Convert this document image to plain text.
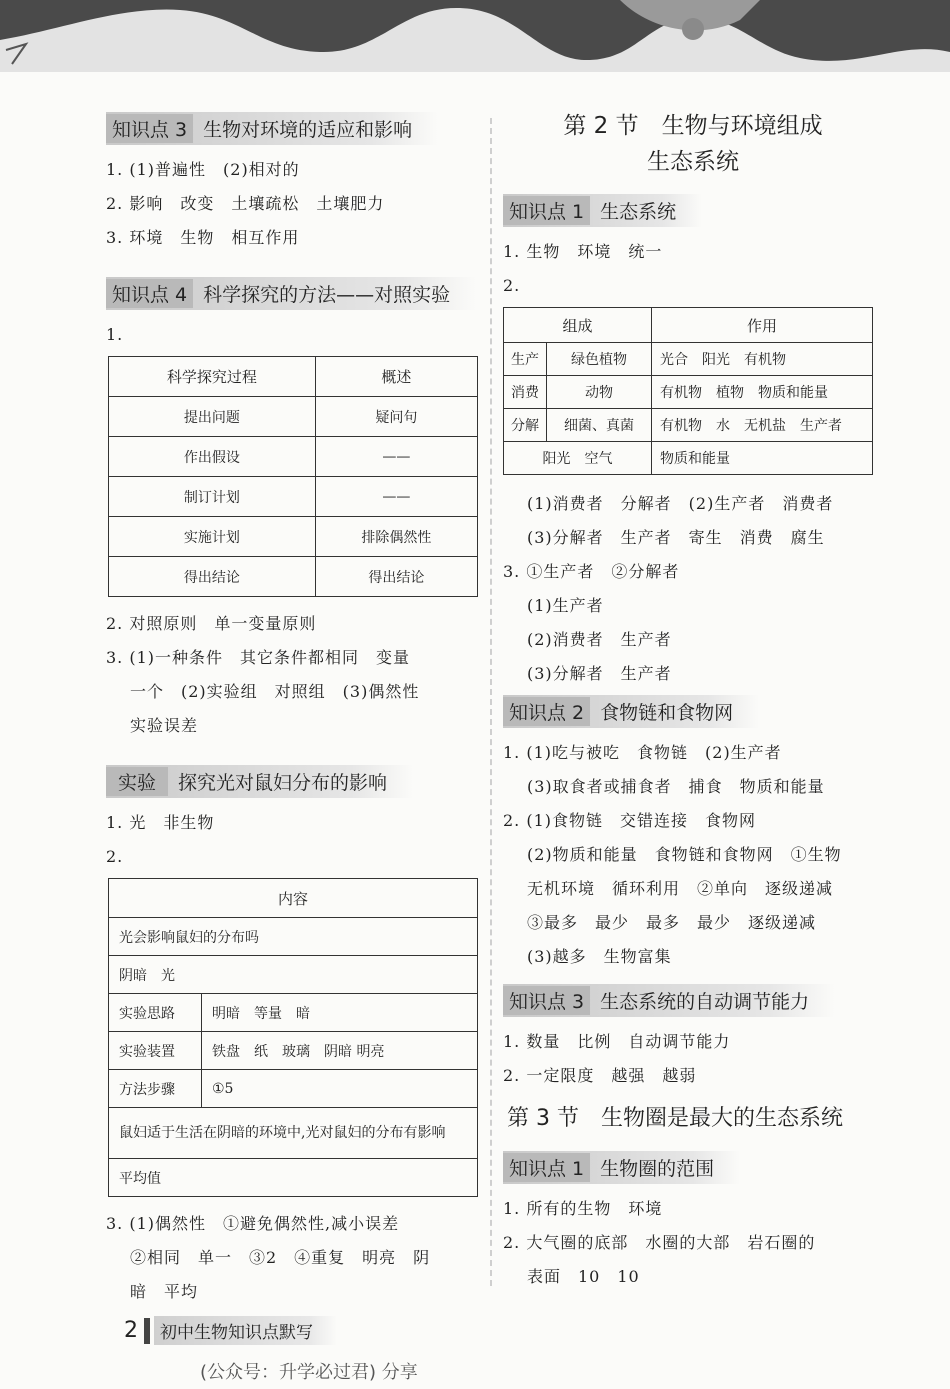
知识点 3 生物对环境的适应和影响
1. (1)普遍性　(2)相对的
2. 影响　改变　土壤疏松　土壤肥力
3. 环境　生物　相互作用
知识点 4 科学探究的方法——对照实验
1.
科学探究过程	概述
提出问题	疑问句
作出假设	——
制订计划	——
实施计划	排除偶然性
得出结论	得出结论
2. 对照原则　单一变量原则
3. (1)一种条件　其它条件都相同　变量
一个　(2)实验组　对照组　(3)偶然性
实验误差
实验	探究光对鼠妇分布的影响
1. 光　非生物
2.
内容	
光会影响鼠妇的分布吗	
阴暗　光	
实验思路	明暗　等量　暗
实验装置	铁盘　纸　玻璃　阴暗 明亮
方法步骤	①5
鼠妇适于生活在阴暗的环境中,光对鼠妇的分布有影响	
平均值	
3. (1)偶然性　①避免偶然性,减小误差
②相同　单一　③2　④重复　明亮　阴
暗　平均
第 2 节　生物与环境组成
生态系统
知识点 1 生态系统
1. 生物　环境　统一
2.
组成		作用
生产	绿色植物	光合　阳光　有机物
消费	动物	有机物　植物　物质和能量
分解	细菌、真菌	有机物　水　无机盐　生产者
阳光　空气		物质和能量
(1)消费者　分解者　(2)生产者　消费者
(3)分解者　生产者　寄生　消费　腐生
3. ①生产者　②分解者
(1)生产者
(2)消费者　生产者
(3)分解者　生产者
知识点 2 食物链和食物网
1. (1)吃与被吃　食物链　(2)生产者
(3)取食者或捕食者　捕食　物质和能量
2. (1)食物链　交错连接　食物网
(2)物质和能量　食物链和食物网　①生物
无机环境　循环利用　②单向　逐级递减
③最多　最少　最多　最少　逐级递减
(3)越多　生物富集
知识点 3 生态系统的自动调节能力
1. 数量　比例　自动调节能力
2. 一定限度　越强　越弱
第 3 节　生物圈是最大的生态系统
知识点 1 生物圈的范围
1. 所有的生物　环境
2. 大气圈的底部　水圈的大部　岩石圈的
表面　10　10
2	初中生物知识点默写
(公众号：升学必过君) 分享
